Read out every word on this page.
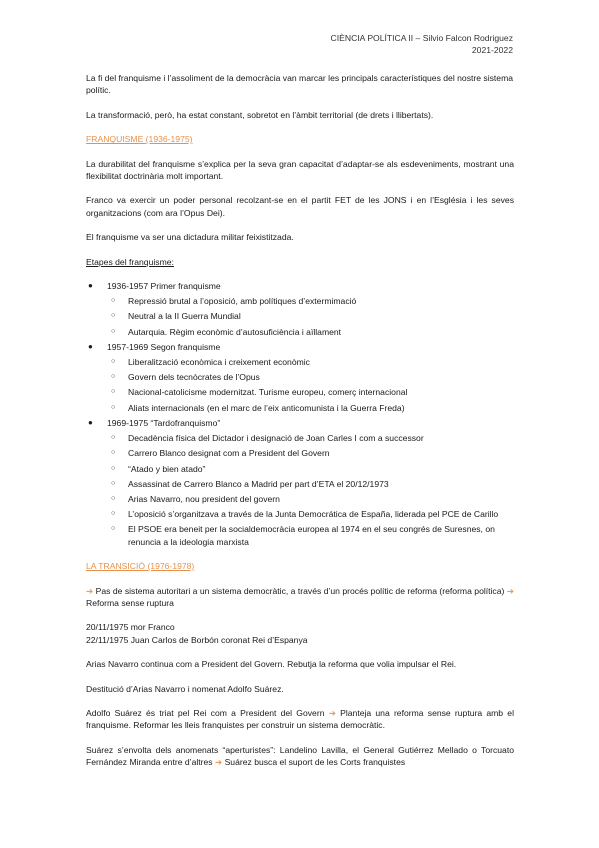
CIÈNCIA POLÍTICA II – Silvio Falcon Rodriguez
2021-2022

La fi del franquisme i l’assoliment de la democràcia van marcar les principals característiques del nostre sistema polític.

La transformació, però, ha estat constant, sobretot en l’àmbit territorial (de drets i llibertats).

FRANQUISME (1936-1975)

La durabilitat del franquisme s’explica per la seva gran capacitat d’adaptar-se als esdeveniments, mostrant una flexibilitat doctrinària molt important.

Franco va exercir un poder personal recolzant-se en el partit FET de les JONS i en l’Església i les seves organitzacions (com ara l’Opus Dei).

El franquisme va ser una dictadura militar feixistitzada.

Etapes del franquisme:

● 1936-1957 Primer franquisme
○ Repressió brutal a l’oposició, amb polítiques d’extermimació
○ Neutral a la II Guerra Mundial
○ Autarquia. Règim econòmic d’autosuficiència i aïllament
● 1957-1969 Segon franquisme
○ Liberalització econòmica i creixement econòmic
○ Govern dels tecnòcrates de l’Opus
○ Nacional-catolicisme modernitzat. Turisme europeu, comerç internacional
○ Aliats internacionals (en el marc de l’eix anticomunista i la Guerra Freda)
● 1969-1975 “Tardofranquismo”
○ Decadència física del Dictador i designació de Joan Carles I com a successor
○ Carrero Blanco designat com a President del Govern
○ “Atado y bien atado”
○ Assassinat de Carrero Blanco a Madrid per part d’ETA el 20/12/1973
○ Arias Navarro, nou president del govern
○ L’oposició s’organitzava a través de la Junta Democrática de España, liderada pel PCE de Carillo
○ El PSOE era beneit per la socialdemocràcia europea al 1974 en el seu congrés de Suresnes, on renuncia a la ideologia marxista
LA TRANSICIÓ (1976-1978)

➔ Pas de sistema autoritari a un sistema democràtic, a través d’un procés polític de reforma (reforma política) ➔ Reforma sense ruptura

20/11/1975 mor Franco

22/11/1975 Juan Carlos de Borbón coronat Rei d’Espanya

Arias Navarro continua com a President del Govern. Rebutja la reforma que volia impulsar el Rei.

Destitució d’Arias Navarro i nomenat Adolfo Suárez.

Adolfo Suárez és triat pel Rei com a President del Govern ➔ Planteja una reforma sense ruptura amb el franquisme. Reformar les lleis franquistes per construir un sistema democràtic.

Suárez s’envolta dels anomenats “aperturistes”: Landelino Lavilla, el General Gutiérrez Mellado o Torcuato Fernández Miranda entre d’altres ➔ Suárez busca el suport de les Corts franquistes
